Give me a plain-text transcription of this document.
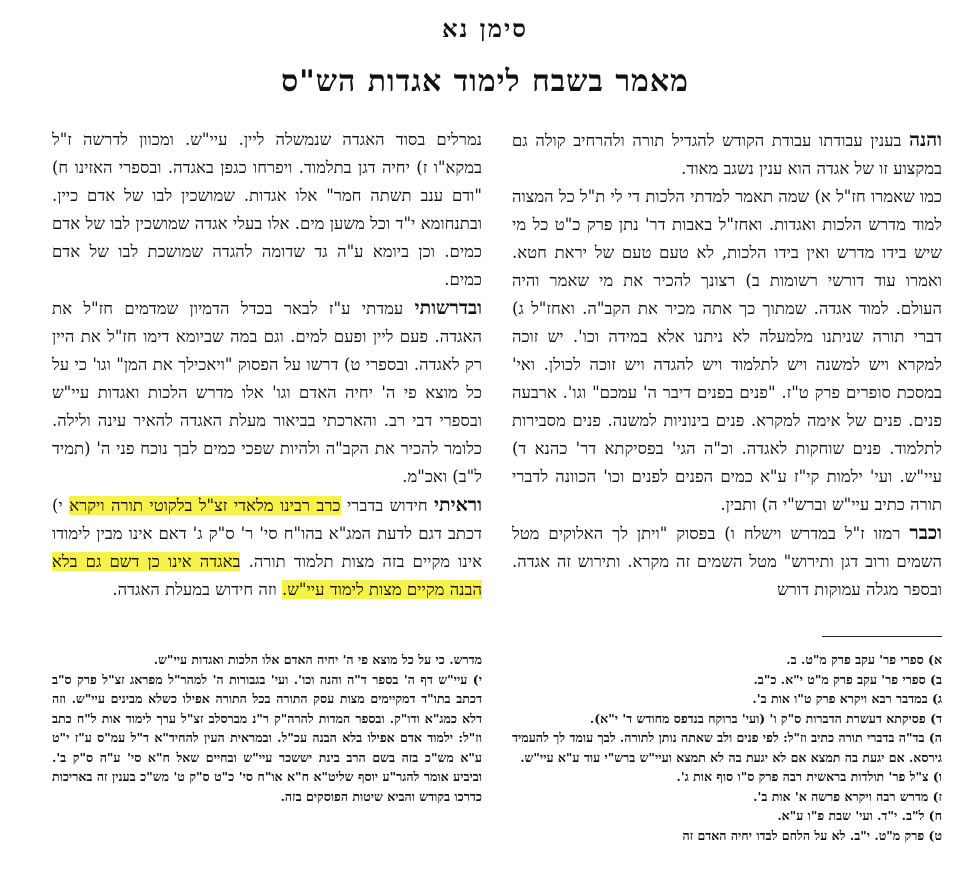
סימן נא
מאמר בשבח לימוד אגדות הש"ס

והנה בענין עבודתו עבודת הקודש להגדיל תורה ולהרחיב קולה גם במקצוע זו של אגדה הוא ענין נשגב מאוד.

כמו שאמרו חז"ל א) שמה תאמר למדתי הלכות די לי ת"ל כל המצוה למוד מדרש הלכות ואגדות. ואחז"ל באבות דר' נתן פרק כ"ט כל מי שיש בידו מדרש ואין בידו הלכות, לא טעם טעם של יראת חטא. ואמרו עוד דורשי רשומות ב) רצונך להכיר את מי שאמר והיה העולם. למוד אגדה. שמתוך כך אתה מכיר את הקב"ה. ואחז"ל ג) דברי תורה שניתנו מלמעלה לא ניתנו אלא במידה וכו'. יש זוכה למקרא ויש למשנה ויש לתלמוד ויש להגדה ויש זוכה לכולן. ואי' במסכת סופרים פרק ט"ז. "פנים בפנים דיבר ה' עמכם" וגו'. ארבעה פנים. פנים של אימה למקרא. פנים בינוניות למשנה. פנים מסבירות לתלמוד. פנים שוחקות לאגדה. וכ"ה הגי' בפסיקתא דר' כהנא ד) עיי"ש. ועי' ילמות קי"ז ע"א כמים הפנים לפנים וכו' הכוונה לדברי תורה כתיב עיי"ש וברש"י ה) ותבין.

וכבר רמזו ז"ל במדרש וישלח ו) בפסוק "ויתן לך האלוקים מטל השמים ורוב דגן ותירוש" מטל השמים זה מקרא. ותירוש זה אגדה. ובספר מגלה עמוקות דורש

נמרלים בסוד האגדה שנמשלה ליין. עיי"ש. ומכוון לדרשה ז"ל במקא"ו ז) יחיה דגן בתלמוד. ויפרחו כגפן באגדה. ובספרי האזינו ח) "ודם ענב תשתה חמר" אלו אגדות. שמושכין לבו של אדם כיין. ובתנחומא י"ד וכל משען מים. אלו בעלי אגדה שמושכין לבו של אדם כמים. וכן ביומא ע"ה גד שדומה להגדה שמושכת לבו של אדם כמים.

ובדרשותי עמדתי ע"ז לבאר בכדל הדמיון שמדמים חז"ל את האגדה. פעם ליין ופעם למים. וגם במה שביומא דימו חז"ל את היין רק לאגדה. ובספרי ט) דרשו על הפסוק "ויאכילך את המן" וגו' כי על כל מוצא פי ה' יחיה האדם וגו' אלו מדרש הלכות ואגדות עיי"ש ובספרי דבי רב. והארכתי בביאור מעלת האגדה להאיר עינה ולילה. כלומר להכיר את הקב"ה ולהיות שפכי כמים לבך נוכח פני ה' (תמיד ל"ב) ואכ"מ.

וראיתי חידוש בדברי כרב רבינו מלאדי זצ"ל בלקוטי תורה ויקרא י) דכתב דגם לדעת המג"א בהו"ח סי' ר' ס"ק ג' דאם אינו מבין לימודו אינו מקיים בזה מצות תלמוד תורה. באגדה אינו כן דשם גם בלא הבנה מקיים מצות לימוד עיי"ש. וזה חידוש במעלת האגדה.

א) ספרי פר' עקב פרק מ"ט. ב.

ב) ספרי פר' עקב פרק מ"ט י"א. כ"ב.

ג) במדבר רבא ויקרא פרק ט"ו אות ב'.

ד) פסיקתא דעשרת הדברות ס"ק ו' (ועי' ברוקח בנדפס מחודש ד' י"א).

ה) בד"ה בדברי תורה כתיב וז"ל: לפי פנים ולב שאתה נותן לתורה. לבך עומד לך להעמיד גירסא. אם יגעת בה תמצא אם לא יגעת בה לא תמצא ועיי"ש ברש"י עוד ע"א עיי"ש.

ו) צ"ל פר' תולדות בראשית רבה פרק ס"ו סוף אות ג'.

ז) מדרש רבה ויקרא פרשה א' אות ב'.

ח) ל"ב. י"ד. ועי' שבת פ"ו ע"א.

ט) פרק מ"ט. י"ב. לא על הלחם לבדו יחיה האדם זה

מדרש. כי על כל מוצא פי ה' יחיה האדם אלו הלכות ואגדות עיי"ש.

י) עיי"ש דף ה' בספר ד"ה והנה וכו'. ועי' בגבורות ה' למהר"ל מפראג זצ"ל פרק ס"ב דכתב בתו"ד דמקיימים מצות עסק התורה בכל התורה אפילו כשלא מבינים עיי"ש. וזה דלא כמג"א ודו"ק. ובספר המדות להרה"ק ר"נ מברסלב זצ"ל ערך לימוד אות ל"ח כתב וז"ל: ילמוד אדם אפילו בלא הבנה עכ"ל. ובמראית העין להחיד"א ד"ל עמ"ס ע"ז י"ט ע"א מש"כ בזה בשם הרב בינת יששכר עיי"ש ובחיים שאל ח"א סי' ע"ה ס"ק ב'. וביביע אומר להגר"ע יוסף שליט"א ח"א או"ח סי' כ"ט ס"ק ט' מש"כ בענין זה באריכות כדרכו בקודש והביא שיטות הפוסקים בזה.
